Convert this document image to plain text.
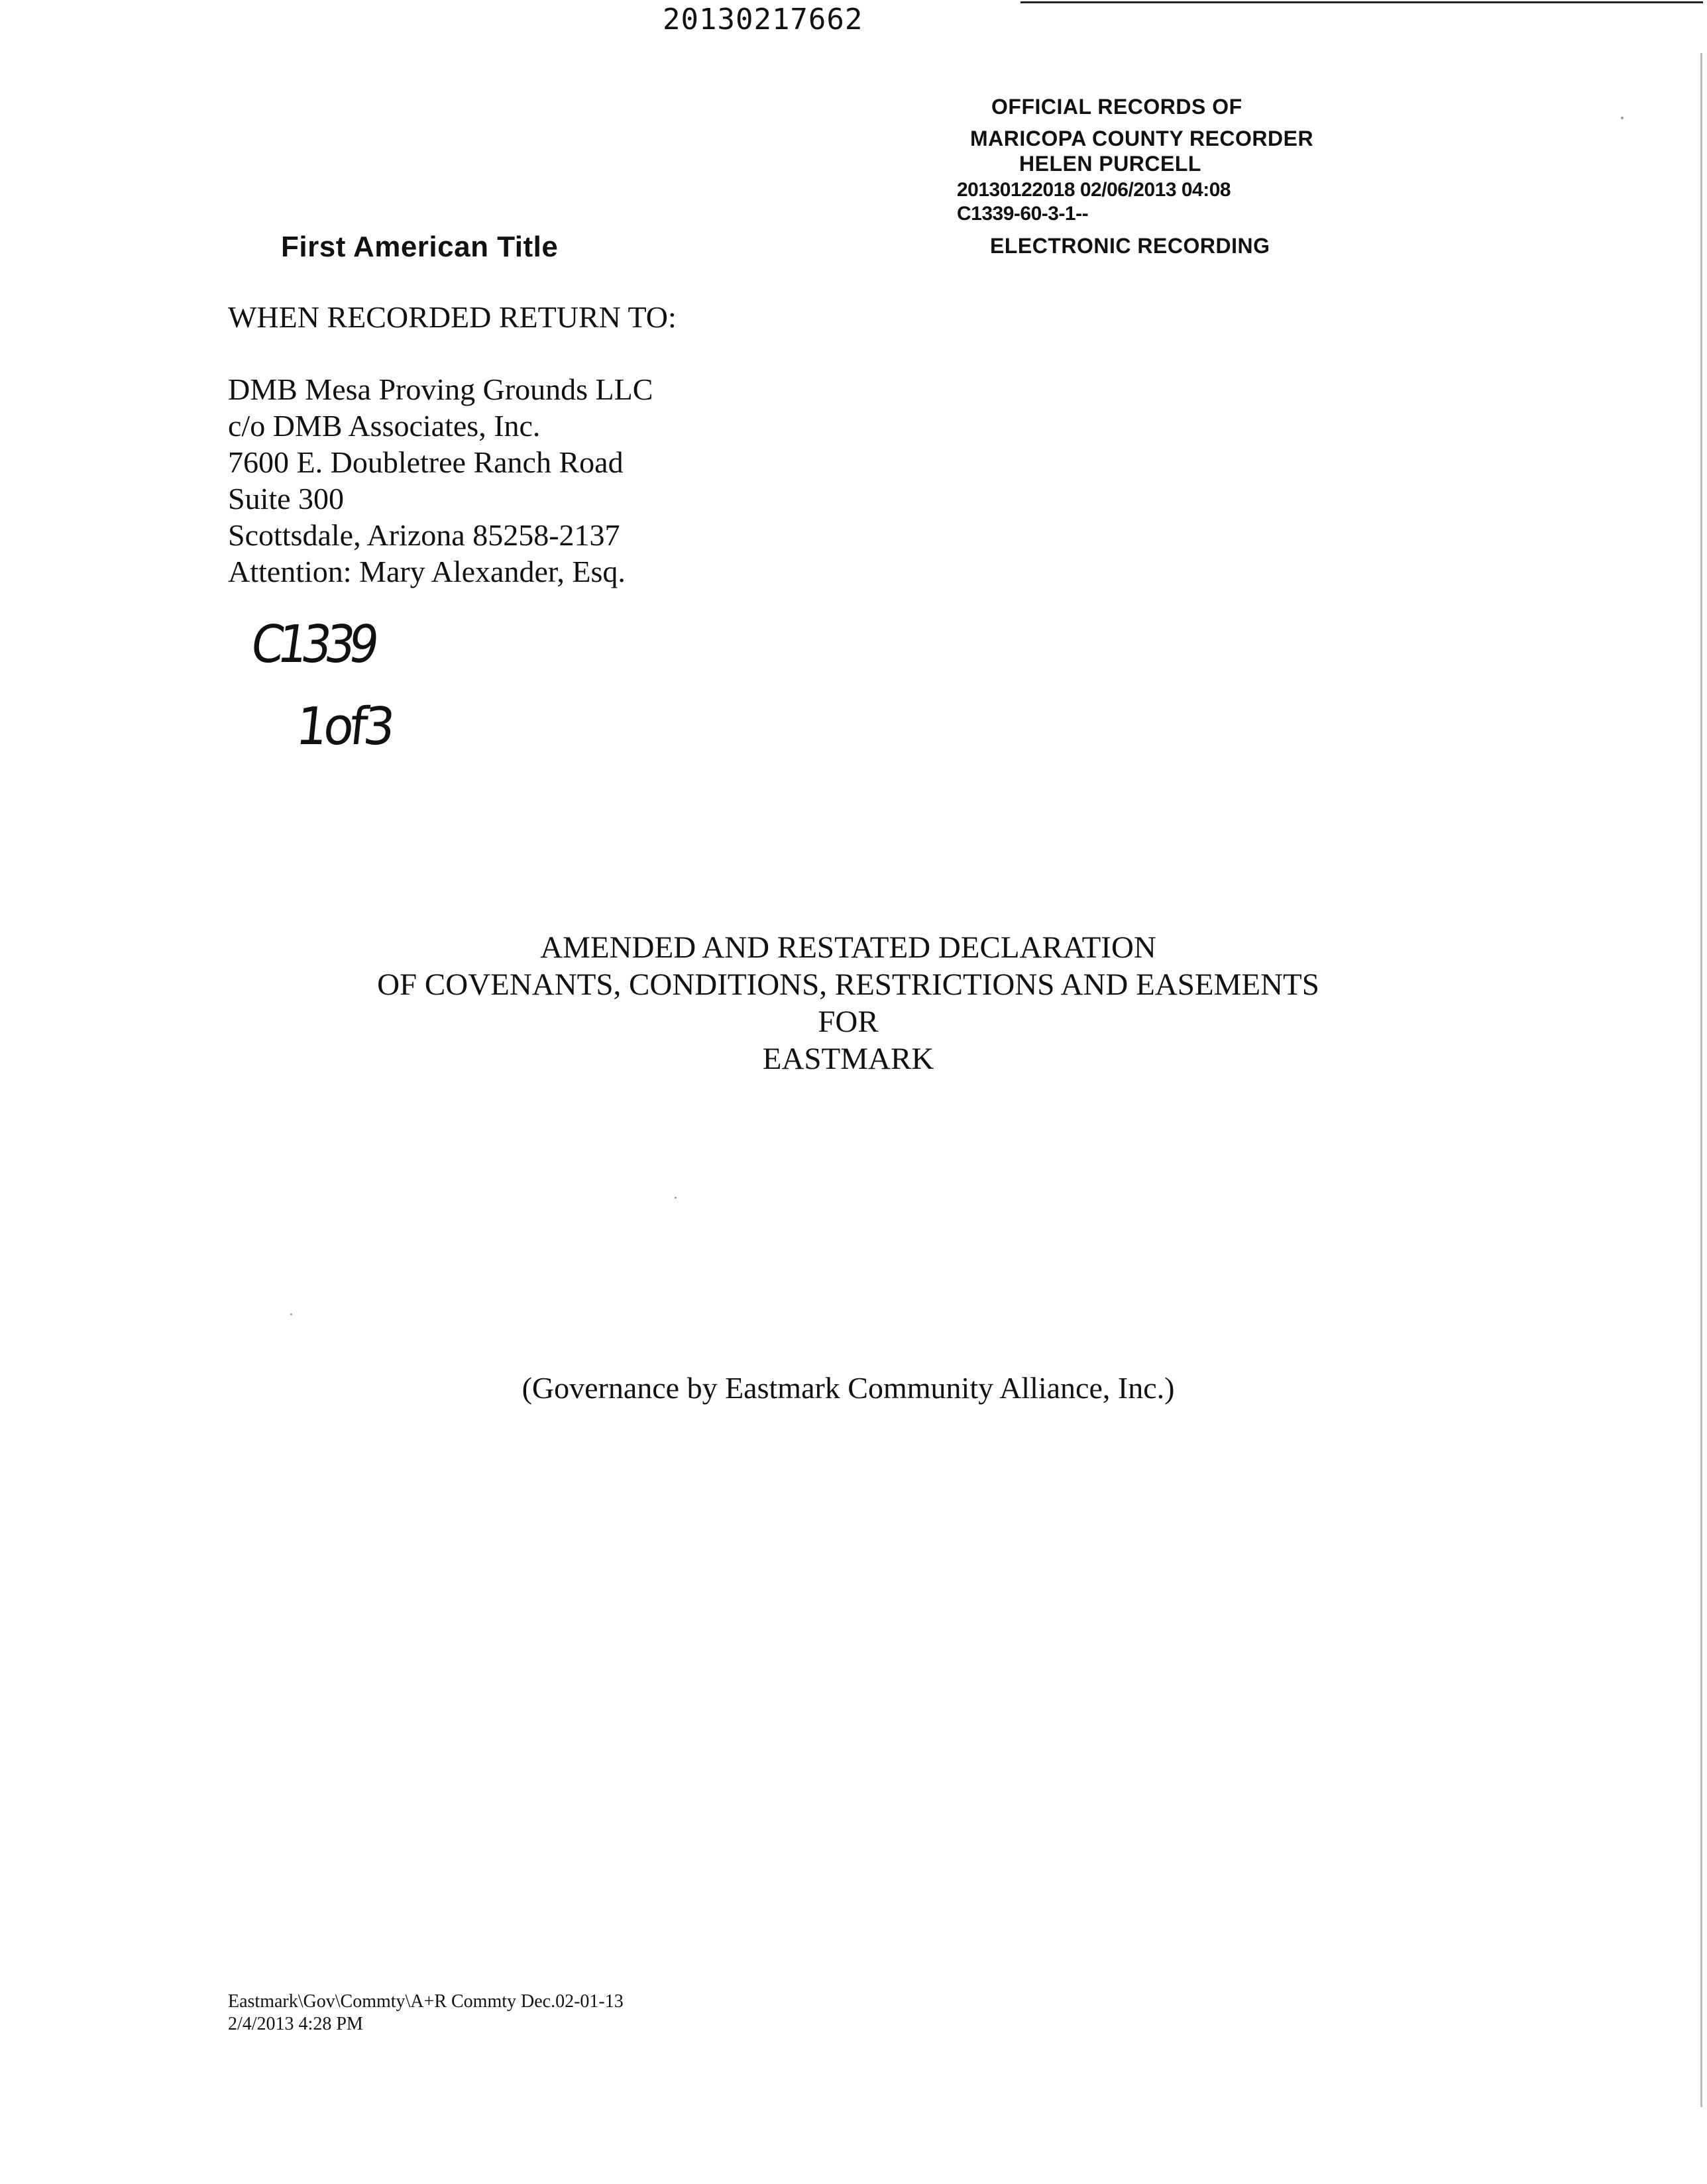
20130217662
OFFICIAL RECORDS OF
MARICOPA COUNTY RECORDER
HELEN PURCELL
20130122018 02/06/2013 04:08
C1339-60-3-1--
ELECTRONIC RECORDING
First American Title
WHEN RECORDED RETURN TO:
DMB Mesa Proving Grounds LLC
c/o DMB Associates, Inc.
7600 E. Doubletree Ranch Road
Suite 300
Scottsdale, Arizona 85258-2137
Attention: Mary Alexander, Esq.
C1339
1of3
AMENDED AND RESTATED DECLARATION
OF COVENANTS, CONDITIONS, RESTRICTIONS AND EASEMENTS
FOR
EASTMARK
(Governance by Eastmark Community Alliance, Inc.)
Eastmark\Gov\Commty\A+R Commty Dec.02-01-13
2/4/2013 4:28 PM
